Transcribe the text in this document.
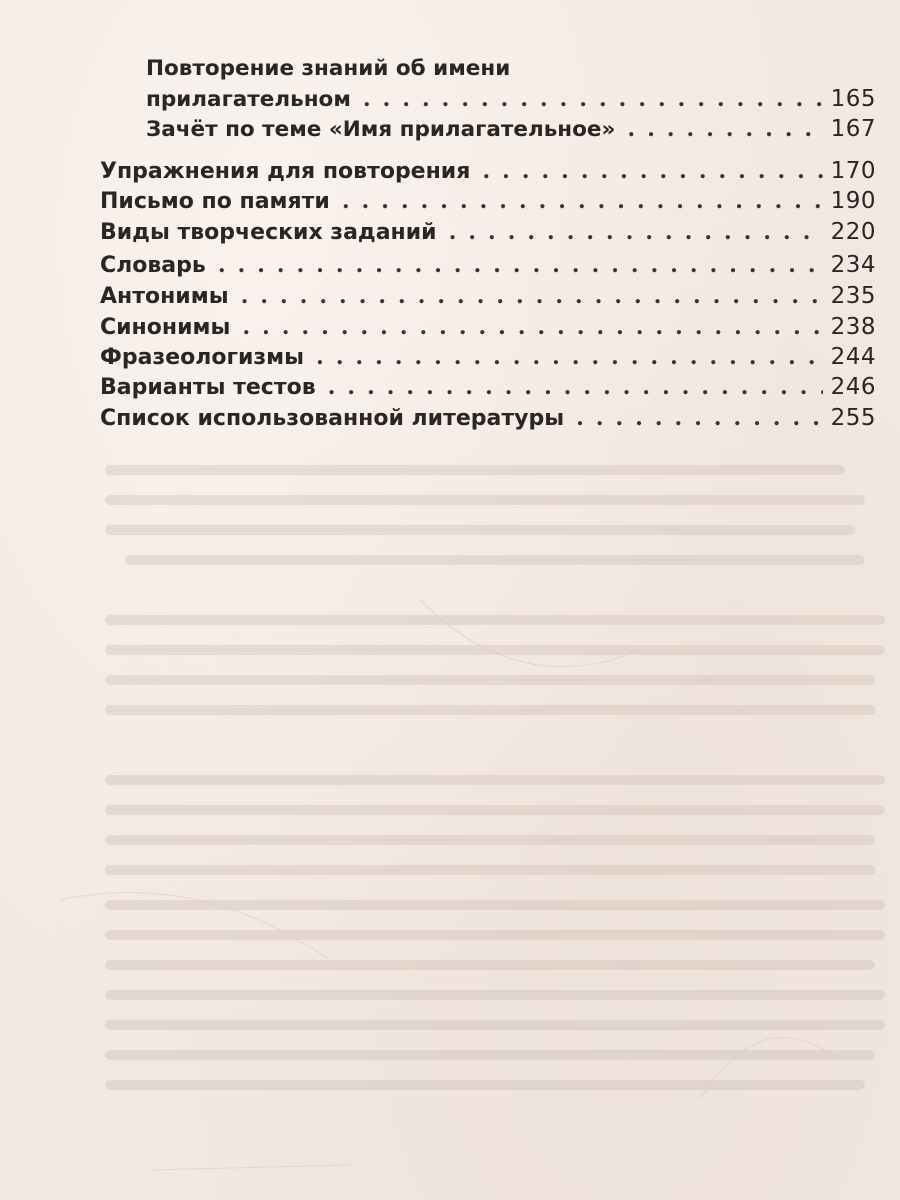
Повторение знаний об имени
прилагательном . . .	165
Зачёт по теме «Имя прилагательное» . . .	167
Упражнения для повторения . . .	170
Письмо по памяти . . .	190
Виды творческих заданий . . .	220
Словарь . . .	234
Антонимы . . .	235
Синонимы . . .	238
Фразеологизмы . . .	244
Варианты тестов . . .	246
Список использованной литературы . . .	255
